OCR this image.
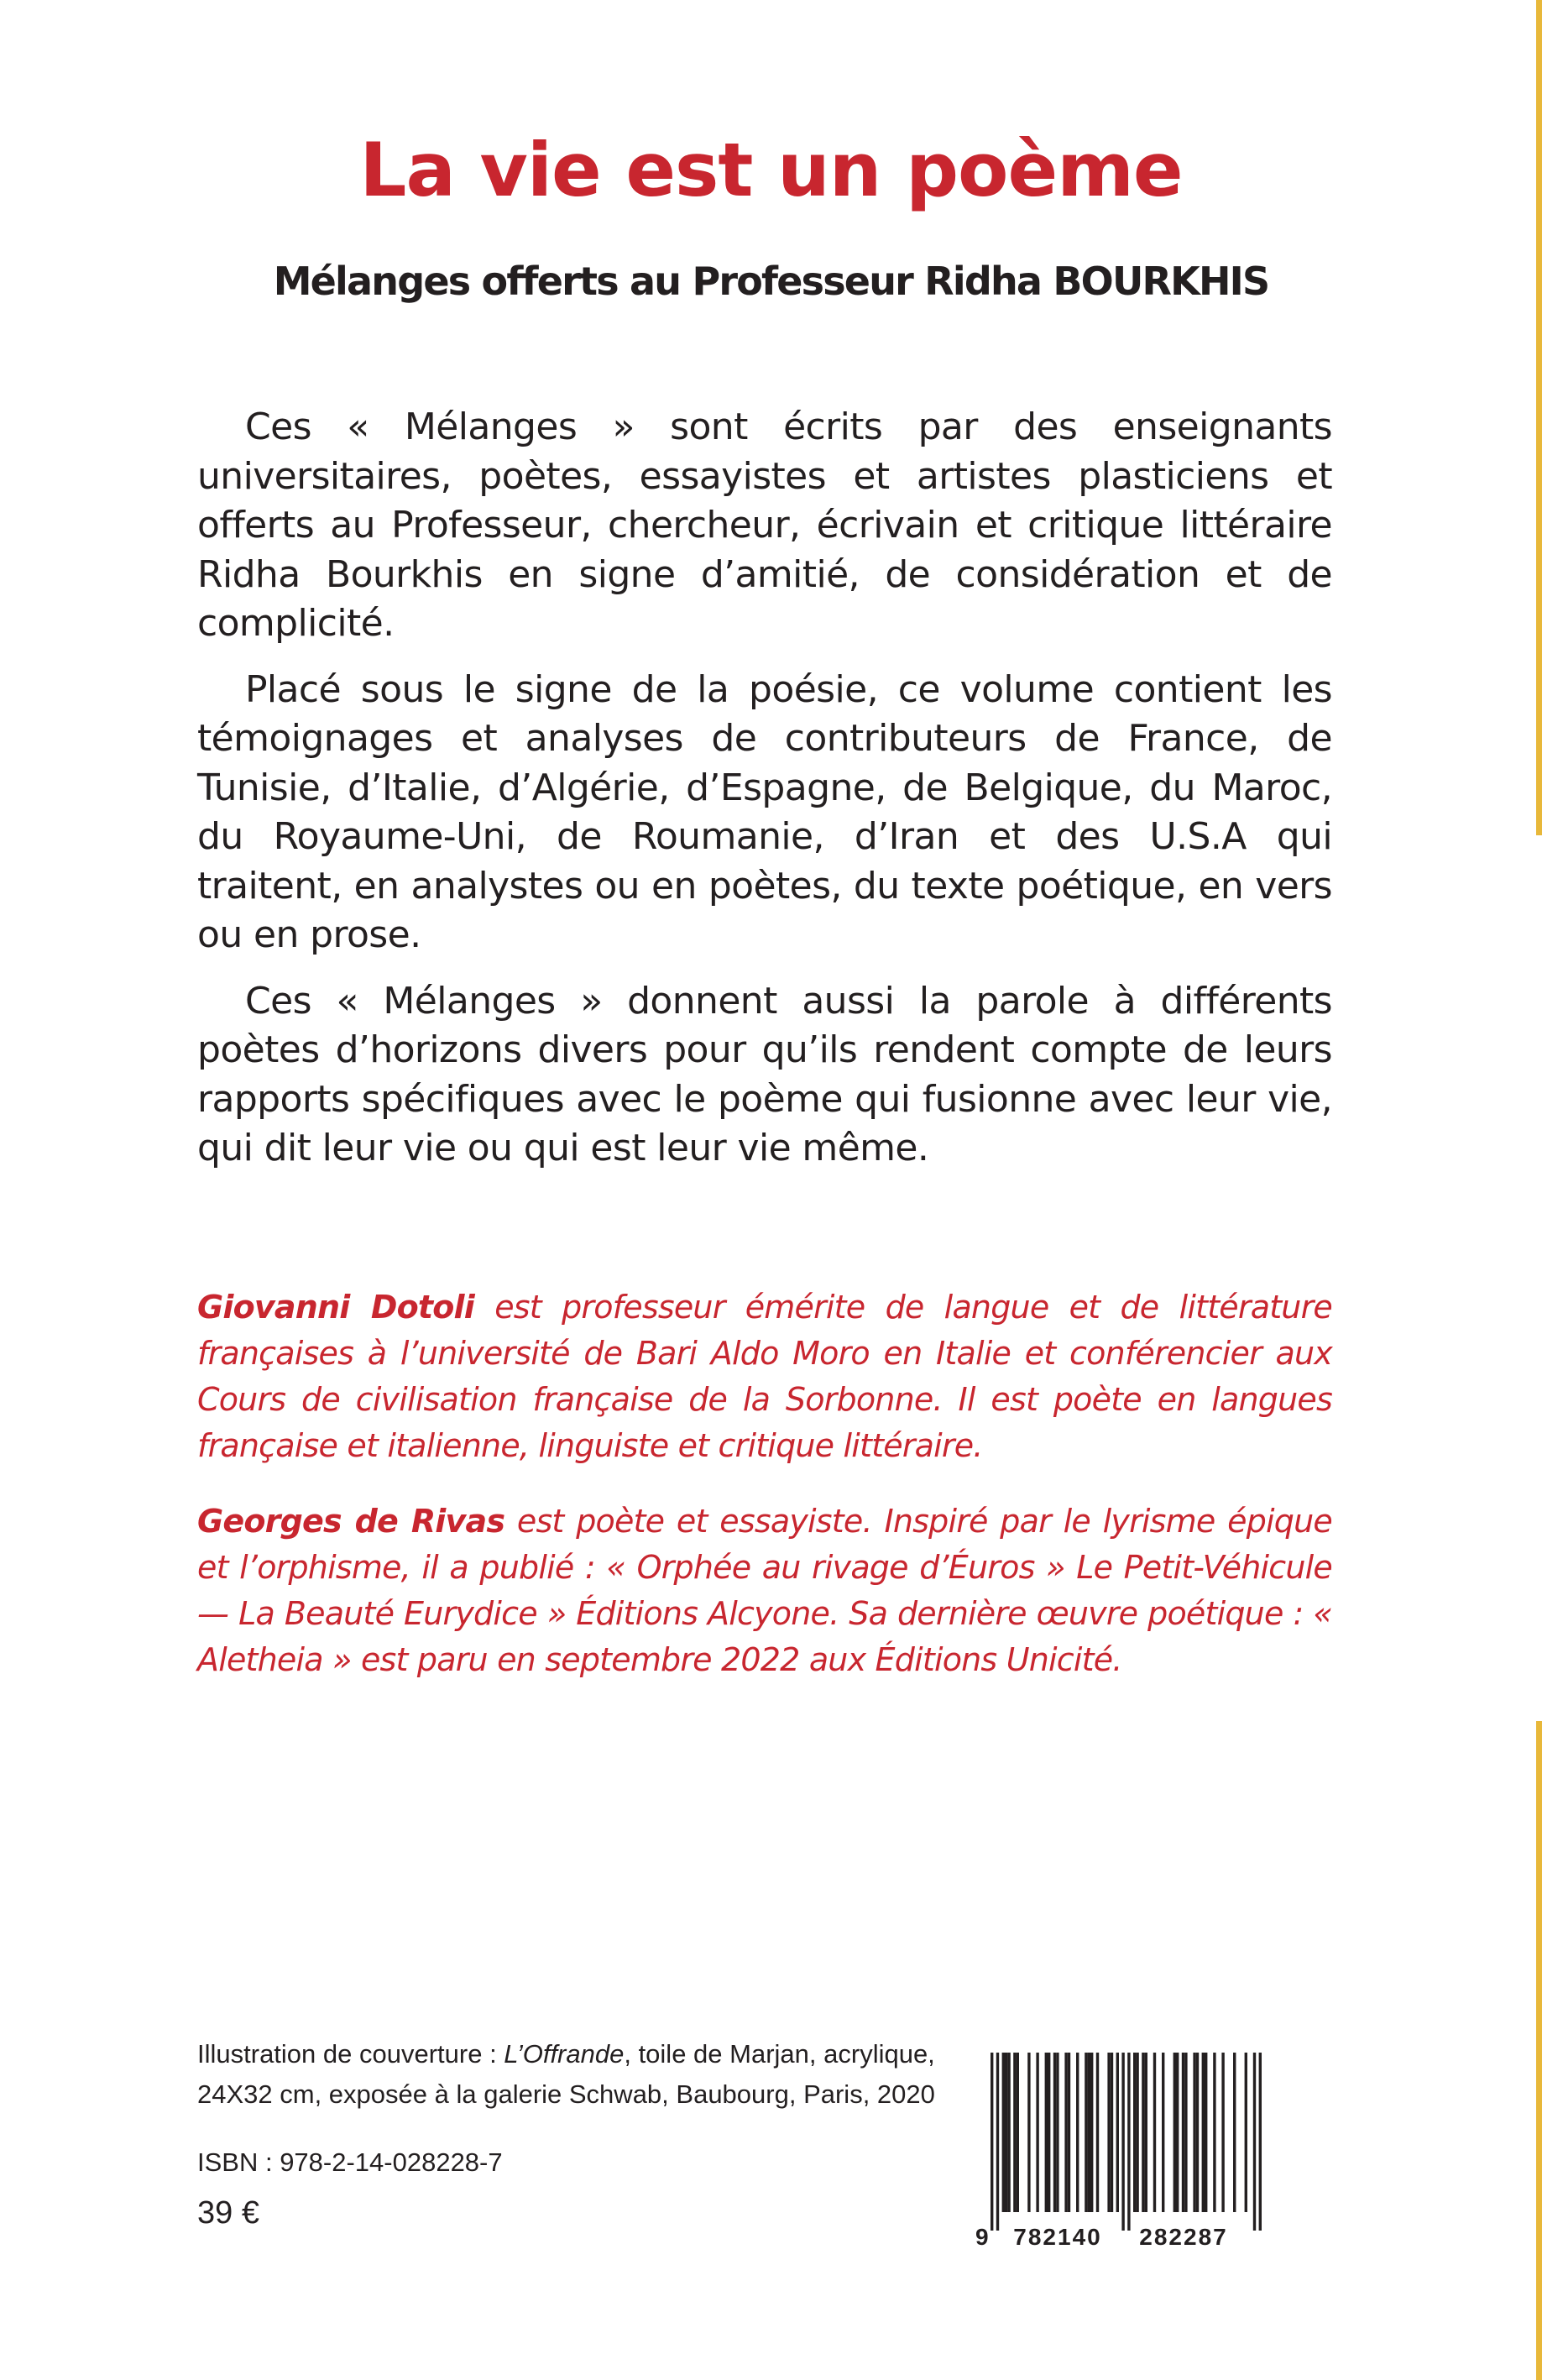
La vie est un poème
Mélanges offerts au Professeur Ridha BOURKHIS

Ces « Mélanges » sont écrits par des enseignants universitaires, poètes, essayistes et artistes plasticiens et offerts au Professeur, chercheur, écrivain et critique littéraire Ridha Bourkhis en signe d’amitié, de considération et de complicité.

Placé sous le signe de la poésie, ce volume contient les témoignages et analyses de contributeurs de France, de Tunisie, d’Italie, d’Algérie, d’Espagne, de Belgique, du Maroc, du Royaume-Uni, de Roumanie, d’Iran et des U.S.A qui traitent, en analystes ou en poètes, du texte poétique, en vers ou en prose.

Ces « Mélanges » donnent aussi la parole à différents poètes d’horizons divers pour qu’ils rendent compte de leurs rapports spécifiques avec le poème qui fusionne avec leur vie, qui dit leur vie ou qui est leur vie même.

Giovanni Dotoli est professeur émérite de langue et de littérature françaises à l’université de Bari Aldo Moro en Italie et conférencier aux Cours de civilisation française de la Sorbonne. Il est poète en langues française et italienne, linguiste et critique littéraire.

Georges de Rivas est poète et essayiste. Inspiré par le lyrisme épique et l’orphisme, il a publié : « Orphée au rivage d’Éuros » Le Petit-Véhicule — La Beauté Eurydice » Éditions Alcyone. Sa dernière œuvre poétique : « Aletheia » est paru en septembre 2022 aux Éditions Unicité.

Illustration de couverture : L’Offrande, toile de Marjan, acrylique,
24X32 cm, exposée à la galerie Schwab, Baubourg, Paris, 2020

ISBN : 978-2-14-028228-7

39 €

9 782140 282287
